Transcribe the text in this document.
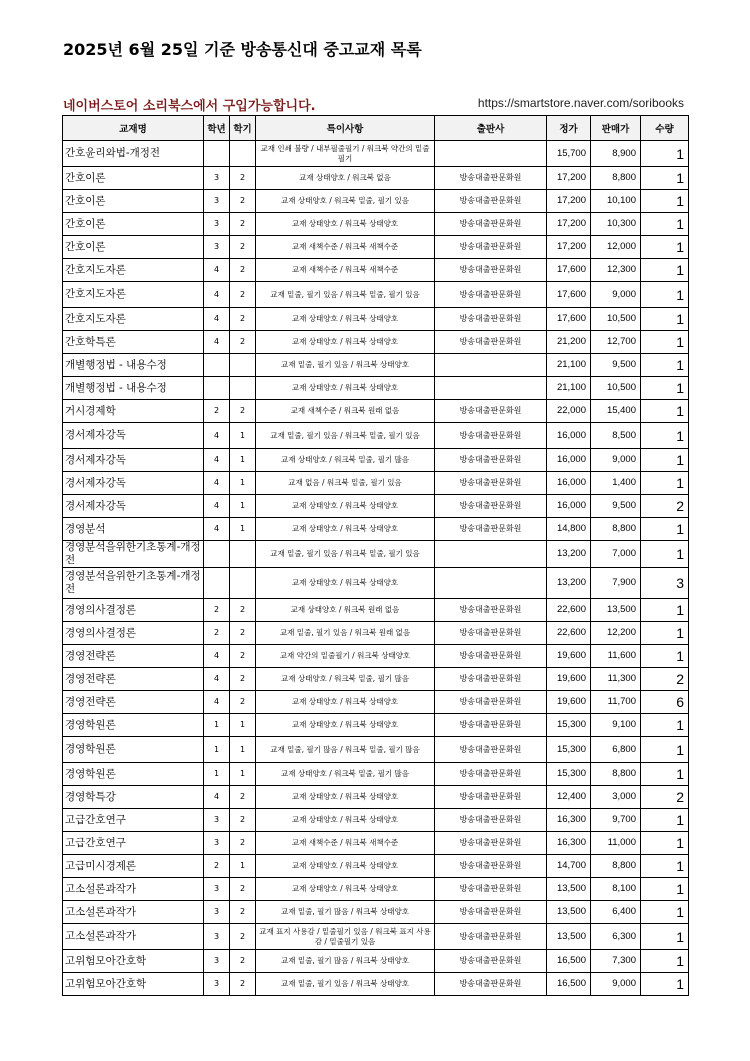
2025년 6월 25일 기준 방송통신대 중고교재 목록
네이버스토어 소리북스에서 구입가능합니다.	https://smartstore.naver.com/soribooks
교재명	학년	학기	특이사항	출판사	정가	판매가	수량
간호윤리와법-개정전			교재 인쇄 불량 / 내부필줄필기 / 워크북 약간의 밑줄필기		15,700	8,900	1
간호이론	3	2	교재 상태양호 / 워크북 없음	방송대출판문화원	17,200	8,800	1
간호이론	3	2	교재 상태양호 / 워크북 밑줄, 필기 있음	방송대출판문화원	17,200	10,100	1
간호이론	3	2	교재 상태양호 / 워크북 상태양호	방송대출판문화원	17,200	10,300	1
간호이론	3	2	교재 새책수준 / 워크북 새책수준	방송대출판문화원	17,200	12,000	1
간호지도자론	4	2	교재 새책수준 / 워크북 새책수준	방송대출판문화원	17,600	12,300	1
간호지도자론	4	2	교재 밑줄, 필기 있음 / 워크북 밑줄, 필기 있음	방송대출판문화원	17,600	9,000	1
간호지도자론	4	2	교재 상태양호 / 워크북 상태양호	방송대출판문화원	17,600	10,500	1
간호학특론	4	2	교재 상태양호 / 워크북 상태양호	방송대출판문화원	21,200	12,700	1
개별행정법 - 내용수정			교재 밑줄, 필기 있음 / 워크북 상태양호		21,100	9,500	1
개별행정법 - 내용수정			교재 상태양호 / 워크북 상태양호		21,100	10,500	1
거시경제학	2	2	교재 새책수준 / 워크북 원래 없음	방송대출판문화원	22,000	15,400	1
경서제자강독	4	1	교재 밑줄, 필기 있음 / 워크북 밑줄, 필기 있음	방송대출판문화원	16,000	8,500	1
경서제자강독	4	1	교재 상태양호 / 워크북 밑줄, 필기 많음	방송대출판문화원	16,000	9,000	1
경서제자강독	4	1	교재 없음 / 워크북 밑줄, 필기 있음	방송대출판문화원	16,000	1,400	1
경서제자강독	4	1	교재 상태양호 / 워크북 상태양호	방송대출판문화원	16,000	9,500	2
경영분석	4	1	교재 상태양호 / 워크북 상태양호	방송대출판문화원	14,800	8,800	1
경영분석을위한기초통계-개정전			교재 밑줄, 필기 있음 / 워크북 밑줄, 필기 있음		13,200	7,000	1
경영분석을위한기초통계-개정전			교재 상태양호 / 워크북 상태양호		13,200	7,900	3
경영의사결정론	2	2	교재 상태양호 / 워크북 원래 없음	방송대출판문화원	22,600	13,500	1
경영의사결정론	2	2	교재 밑줄, 필기 있음 / 워크북 원래 없음	방송대출판문화원	22,600	12,200	1
경영전략론	4	2	교재 약간의 밑줄필기 / 워크북 상태양호	방송대출판문화원	19,600	11,600	1
경영전략론	4	2	교재 상태양호 / 워크북 밑줄, 필기 많음	방송대출판문화원	19,600	11,300	2
경영전략론	4	2	교재 상태양호 / 워크북 상태양호	방송대출판문화원	19,600	11,700	6
경영학원론	1	1	교재 상태양호 / 워크북 상태양호	방송대출판문화원	15,300	9,100	1
경영학원론	1	1	교재 밑줄, 필기 많음 / 워크북 밑줄, 필기 많음	방송대출판문화원	15,300	6,800	1
경영학원론	1	1	교재 상태양호 / 워크북 밑줄, 필기 많음	방송대출판문화원	15,300	8,800	1
경영학특강	4	2	교재 상태양호 / 워크북 상태양호	방송대출판문화원	12,400	3,000	2
고급간호연구	3	2	교재 상태양호 / 워크북 상태양호	방송대출판문화원	16,300	9,700	1
고급간호연구	3	2	교재 새책수준 / 워크북 새책수준	방송대출판문화원	16,300	11,000	1
고급미시경제론	2	1	교재 상태양호 / 워크북 상태양호	방송대출판문화원	14,700	8,800	1
고소설론과작가	3	2	교재 상태양호 / 워크북 상태양호	방송대출판문화원	13,500	8,100	1
고소설론과작가	3	2	교재 밑줄, 필기 많음 / 워크북 상태양호	방송대출판문화원	13,500	6,400	1
고소설론과작가	3	2	교재 표지 사용감 / 밑줄필기 있음 / 워크북 표지 사용감 / 밑줄필기 있음	방송대출판문화원	13,500	6,300	1
고위험모아간호학	3	2	교재 밑줄, 필기 많음 / 워크북 상태양호	방송대출판문화원	16,500	7,300	1
고위험모아간호학	3	2	교재 밑줄, 필기 있음 / 워크북 상태양호	방송대출판문화원	16,500	9,000	1
